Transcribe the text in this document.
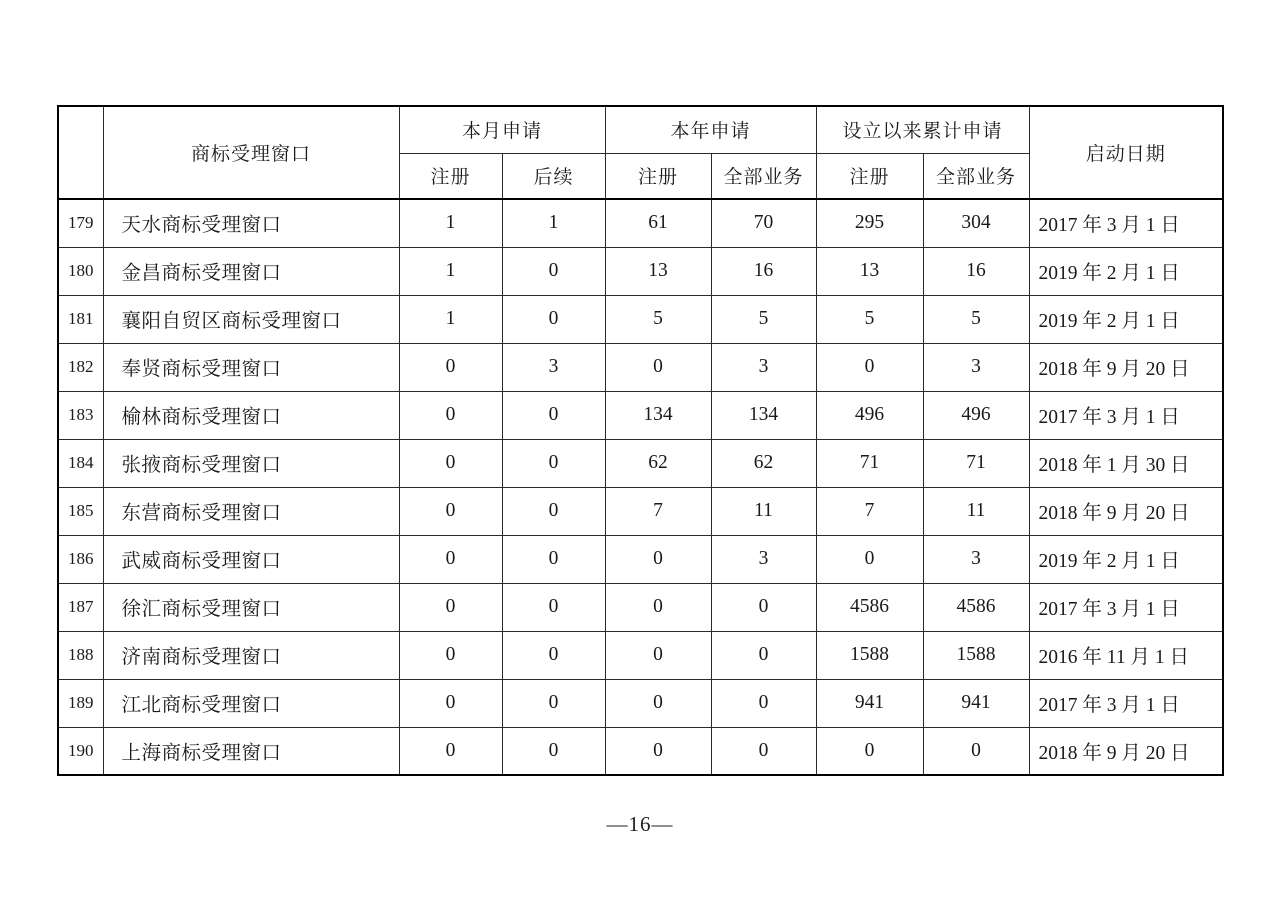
	商标受理窗口	本月申请		本年申请		设立以来累计申请		启动日期
		注册	后续	注册	全部业务	注册	全部业务	
179	天水商标受理窗口	1	1	61	70	295	304	2017 年 3 月 1 日
180	金昌商标受理窗口	1	0	13	16	13	16	2019 年 2 月 1 日
181	襄阳自贸区商标受理窗口	1	0	5	5	5	5	2019 年 2 月 1 日
182	奉贤商标受理窗口	0	3	0	3	0	3	2018 年 9 月 20 日
183	榆林商标受理窗口	0	0	134	134	496	496	2017 年 3 月 1 日
184	张掖商标受理窗口	0	0	62	62	71	71	2018 年 1 月 30 日
185	东营商标受理窗口	0	0	7	11	7	11	2018 年 9 月 20 日
186	武威商标受理窗口	0	0	0	3	0	3	2019 年 2 月 1 日
187	徐汇商标受理窗口	0	0	0	0	4586	4586	2017 年 3 月 1 日
188	济南商标受理窗口	0	0	0	0	1588	1588	2016 年 11 月 1 日
189	江北商标受理窗口	0	0	0	0	941	941	2017 年 3 月 1 日
190	上海商标受理窗口	0	0	0	0	0	0	2018 年 9 月 20 日
—16—
